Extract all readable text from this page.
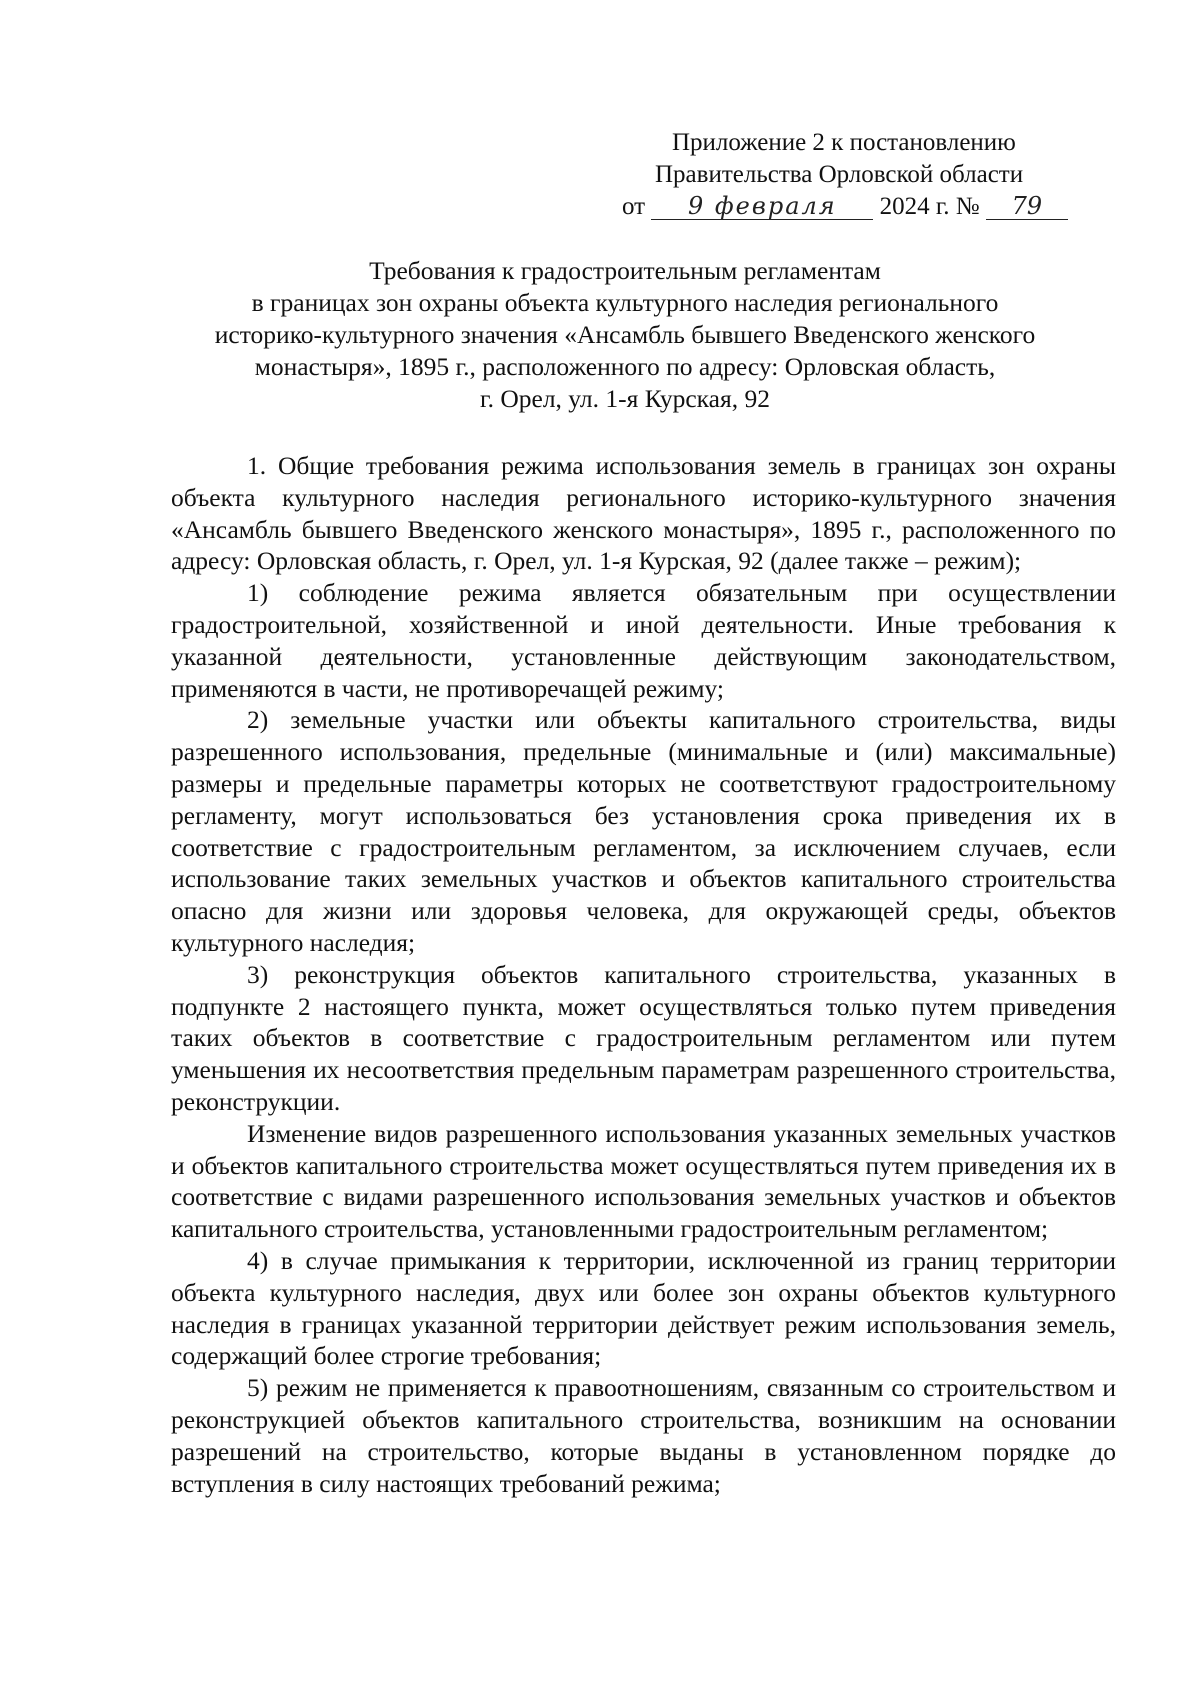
Приложение 2 к постановлению
Правительства Орловской области
от 9 февраля 2024 г. № 79
Требования к градостроительным регламентам
в границах зон охраны объекта культурного наследия регионального
историко-культурного значения «Ансамбль бывшего Введенского женского
монастыря», 1895 г., расположенного по адресу: Орловская область,
г. Орел, ул. 1-я Курская, 92

1. Общие требования режима использования земель в границах зон охраны объекта культурного наследия регионального историко-культурного значения «Ансамбль бывшего Введенского женского монастыря», 1895 г., расположенного по адресу: Орловская область, г. Орел, ул. 1-я Курская, 92 (далее также – режим);

1) соблюдение режима является обязательным при осуществлении градостроительной, хозяйственной и иной деятельности. Иные требования к указанной деятельности, установленные действующим законодательством, применяются в части, не противоречащей режиму;

2) земельные участки или объекты капитального строительства, виды разрешенного использования, предельные (минимальные и (или) максимальные) размеры и предельные параметры которых не соответствуют градостроительному регламенту, могут использоваться без установления срока приведения их в соответствие с градостроительным регламентом, за исключением случаев, если использование таких земельных участков и объектов капитального строительства опасно для жизни или здоровья человека, для окружающей среды, объектов культурного наследия;

3) реконструкция объектов капитального строительства, указанных в подпункте 2 настоящего пункта, может осуществляться только путем приведения таких объектов в соответствие с градостроительным регламентом или путем уменьшения их несоответствия предельным параметрам разрешенного строительства, реконструкции.

Изменение видов разрешенного использования указанных земельных участков и объектов капитального строительства может осуществляться путем приведения их в соответствие с видами разрешенного использования земельных участков и объектов капитального строительства, установленными градостроительным регламентом;

4) в случае примыкания к территории, исключенной из границ территории объекта культурного наследия, двух или более зон охраны объектов культурного наследия в границах указанной территории действует режим использования земель, содержащий более строгие требования;

5) режим не применяется к правоотношениям, связанным со строительством и реконструкцией объектов капитального строительства, возникшим на основании разрешений на строительство, которые выданы в установленном порядке до вступления в силу настоящих требований режима;
